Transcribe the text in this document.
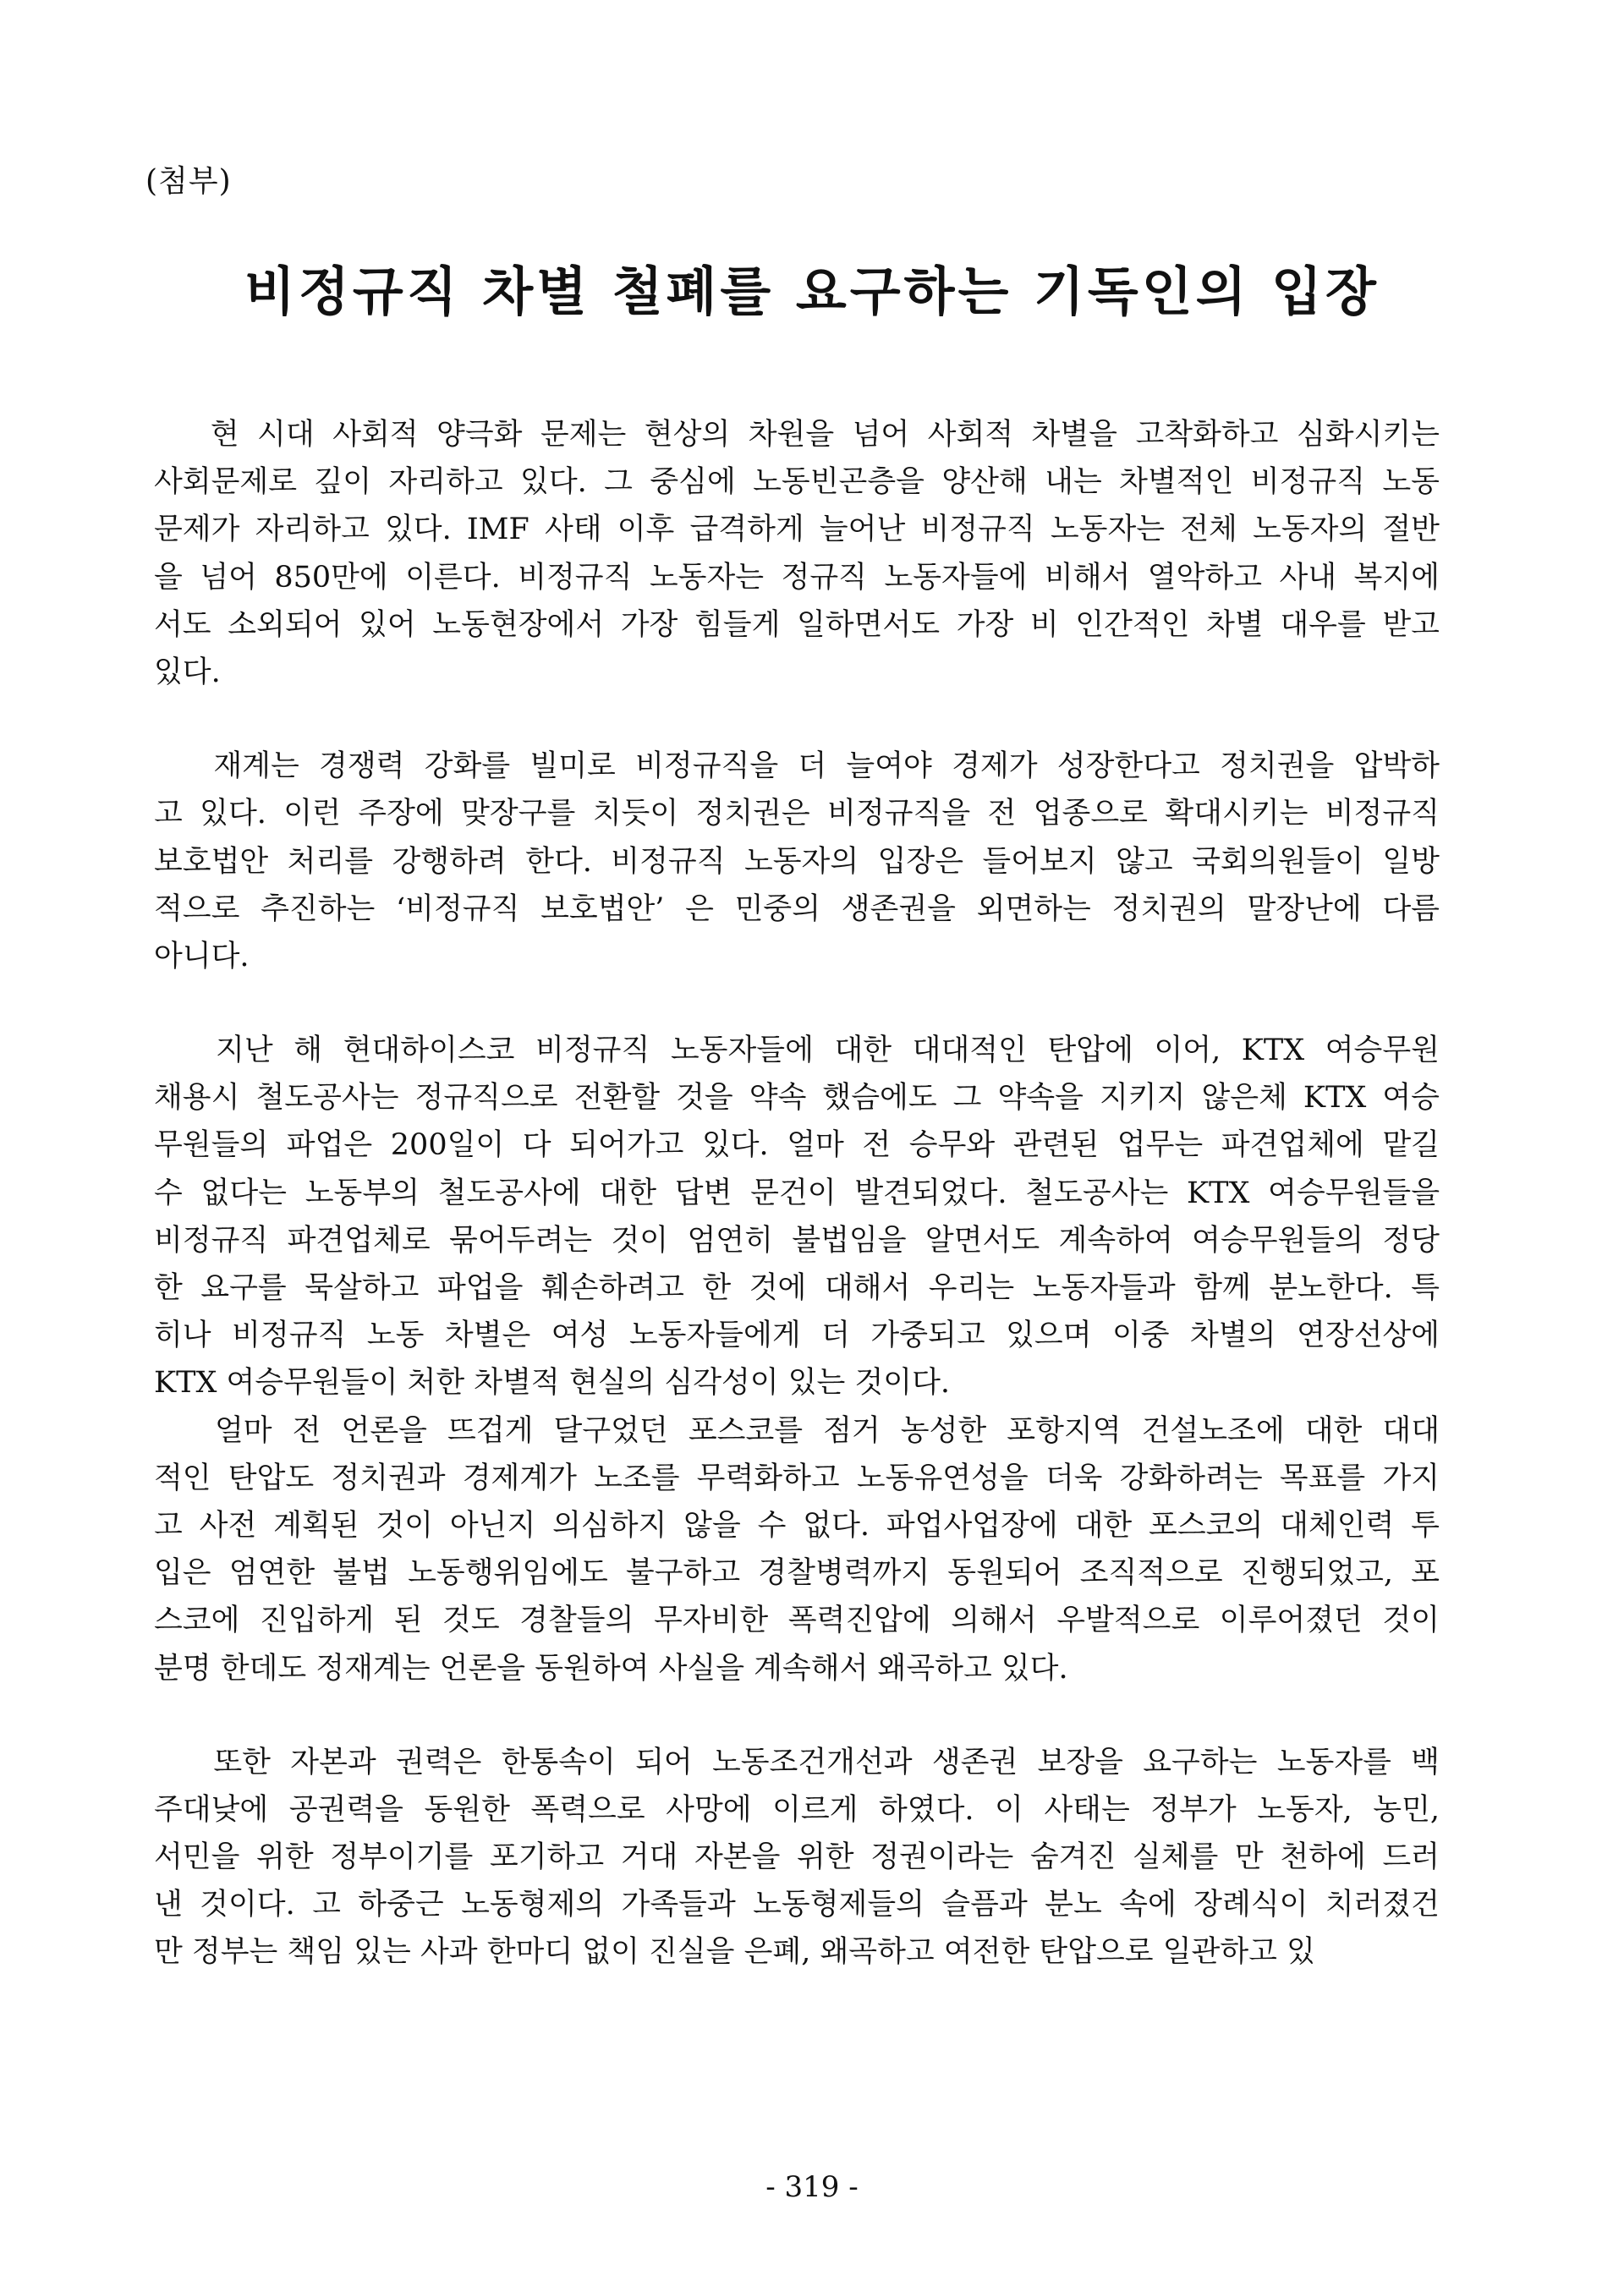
(첨부)
비정규직 차별 철폐를 요구하는 기독인의 입장
　 현 시대 사회적 양극화 문제는 현상의 차원을 넘어 사회적 차별을 고착화하고 심화시키는
사회문제로 깊이 자리하고 있다. 그 중심에 노동빈곤층을 양산해 내는 차별적인 비정규직 노동
문제가 자리하고 있다. IMF 사태 이후 급격하게 늘어난 비정규직 노동자는 전체 노동자의 절반
을 넘어 850만에 이른다. 비정규직 노동자는 정규직 노동자들에 비해서 열악하고 사내 복지에
서도 소외되어 있어 노동현장에서 가장 힘들게 일하면서도 가장 비 인간적인 차별 대우를 받고
있다.
　 재계는 경쟁력 강화를 빌미로 비정규직을 더 늘여야 경제가 성장한다고 정치권을 압박하
고 있다. 이런 주장에 맞장구를 치듯이 정치권은 비정규직을 전 업종으로 확대시키는 비정규직
보호법안 처리를 강행하려 한다. 비정규직 노동자의 입장은 들어보지 않고 국회의원들이 일방
적으로 추진하는 ‘비정규직 보호법안’ 은 민중의 생존권을 외면하는 정치권의 말장난에 다름
아니다.
　 지난 해 현대하이스코 비정규직 노동자들에 대한 대대적인 탄압에 이어, KTX 여승무원
채용시 철도공사는 정규직으로 전환할 것을 약속 했슴에도 그 약속을 지키지 않은체 KTX 여승
무원들의 파업은 200일이 다 되어가고 있다. 얼마 전 승무와 관련된 업무는 파견업체에 맡길
수 없다는 노동부의 철도공사에 대한 답변 문건이 발견되었다. 철도공사는 KTX 여승무원들을
비정규직 파견업체로 묶어두려는 것이 엄연히 불법임을 알면서도 계속하여 여승무원들의 정당
한 요구를 묵살하고 파업을 훼손하려고 한 것에 대해서 우리는 노동자들과 함께 분노한다. 특
히나 비정규직 노동 차별은 여성 노동자들에게 더 가중되고 있으며 이중 차별의 연장선상에
KTX 여승무원들이 처한 차별적 현실의 심각성이 있는 것이다.
　 얼마 전 언론을 뜨겁게 달구었던 포스코를 점거 농성한 포항지역 건설노조에 대한 대대
적인 탄압도 정치권과 경제계가 노조를 무력화하고 노동유연성을 더욱 강화하려는 목표를 가지
고 사전 계획된 것이 아닌지 의심하지 않을 수 없다. 파업사업장에 대한 포스코의 대체인력 투
입은 엄연한 불법 노동행위임에도 불구하고 경찰병력까지 동원되어 조직적으로 진행되었고, 포
스코에 진입하게 된 것도 경찰들의 무자비한 폭력진압에 의해서 우발적으로 이루어졌던 것이
분명 한데도 정재계는 언론을 동원하여 사실을 계속해서 왜곡하고 있다.
　 또한 자본과 권력은 한통속이 되어 노동조건개선과 생존권 보장을 요구하는 노동자를 백
주대낮에 공권력을 동원한 폭력으로 사망에 이르게 하였다. 이 사태는 정부가 노동자, 농민,
서민을 위한 정부이기를 포기하고 거대 자본을 위한 정권이라는 숨겨진 실체를 만 천하에 드러
낸 것이다. 고 하중근 노동형제의 가족들과 노동형제들의 슬픔과 분노 속에 장례식이 치러졌건
만 정부는 책임 있는 사과 한마디 없이 진실을 은폐, 왜곡하고 여전한 탄압으로 일관하고 있
- 319 -
